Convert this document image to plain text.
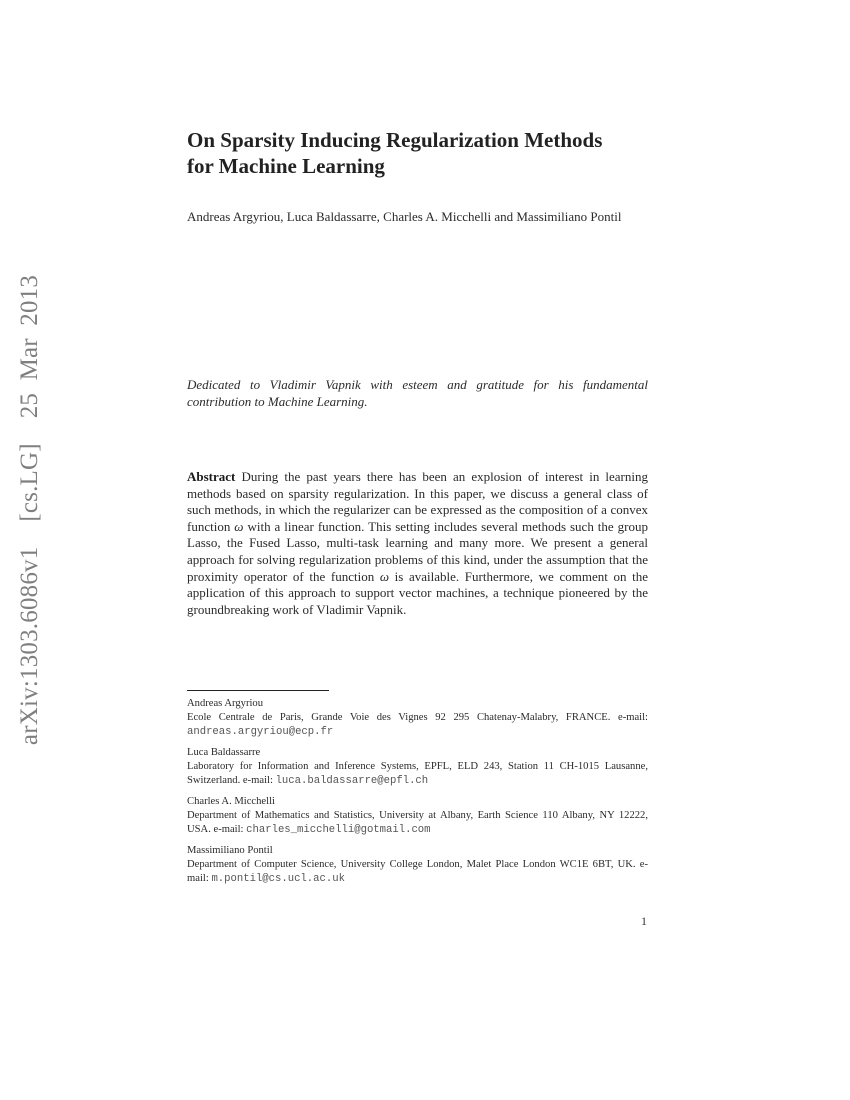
arXiv:1303.6086v1  [cs.LG]  25 Mar 2013
On Sparsity Inducing Regularization Methods
for Machine Learning
Andreas Argyriou, Luca Baldassarre, Charles A. Micchelli and Massimiliano Pontil
Dedicated to Vladimir Vapnik with esteem and gratitude for his fundamental contribution to Machine Learning.
Abstract During the past years there has been an explosion of interest in learning methods based on sparsity regularization. In this paper, we discuss a general class of such methods, in which the regularizer can be expressed as the composition of a convex function ω with a linear function. This setting includes several methods such the group Lasso, the Fused Lasso, multi-task learning and many more. We present a general approach for solving regularization problems of this kind, under the assumption that the proximity operator of the function ω is available. Furthermore, we comment on the application of this approach to support vector machines, a technique pioneered by the groundbreaking work of Vladimir Vapnik.
Andreas Argyriou
Ecole Centrale de Paris, Grande Voie des Vignes 92 295 Chatenay-Malabry, FRANCE. e-mail: andreas.argyriou@ecp.fr
Luca Baldassarre
Laboratory for Information and Inference Systems, EPFL, ELD 243, Station 11 CH-1015 Lausanne, Switzerland. e-mail: luca.baldassarre@epfl.ch
Charles A. Micchelli
Department of Mathematics and Statistics, University at Albany, Earth Science 110 Albany, NY 12222, USA. e-mail: charles_micchelli@gotmail.com
Massimiliano Pontil
Department of Computer Science, University College London, Malet Place London WC1E 6BT, UK. e-mail: m.pontil@cs.ucl.ac.uk
1
